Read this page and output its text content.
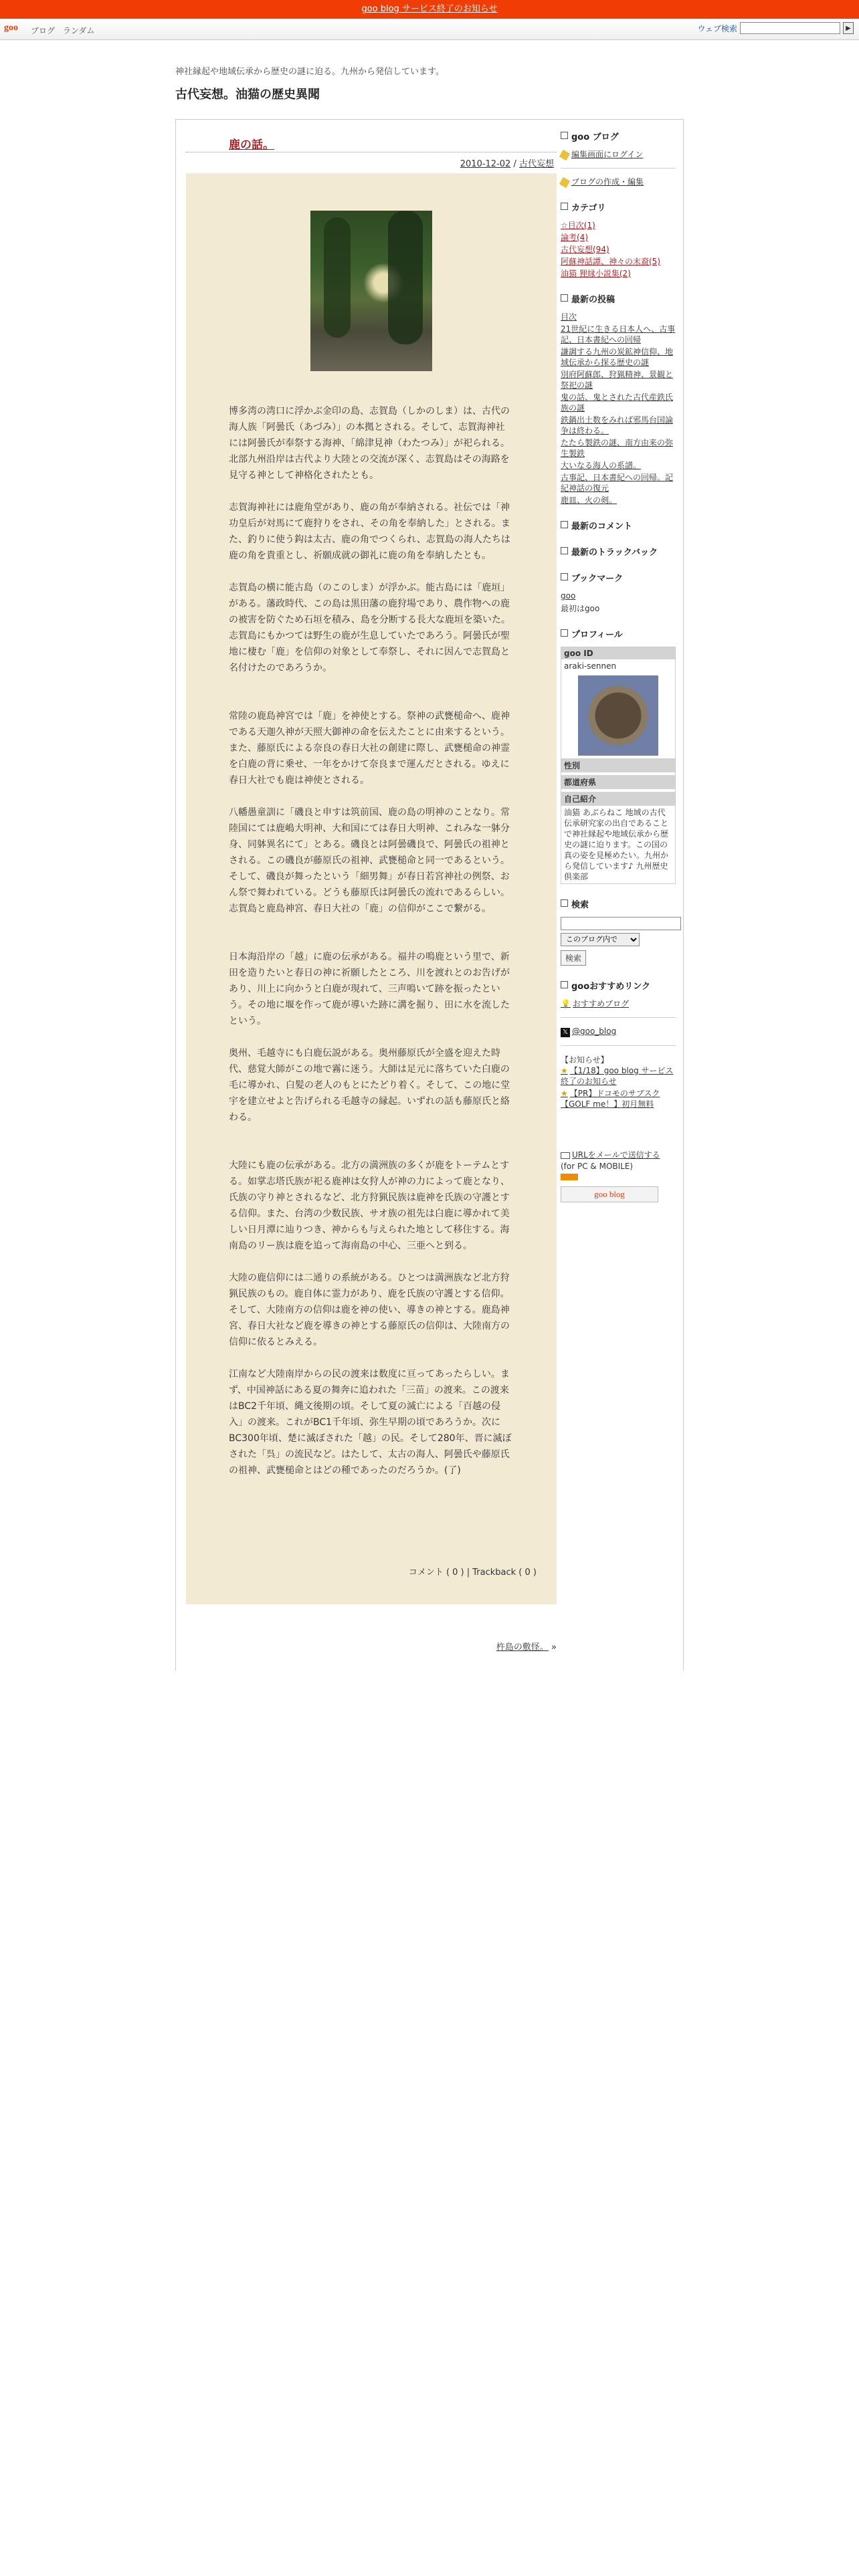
goo blog サービス終了のお知らせ
goo ブログ ランダム	ウェブ検索	▶
神社縁起や地域伝承から歴史の謎に迫る。九州から発信しています。
古代妄想。油猫の歴史異聞
鹿の話。
2010-12-02 / 古代妄想

博多湾の湾口に浮かぶ金印の島、志賀島（しかのしま）は、古代の海人族「阿曇氏（あづみ）」の本拠とされる。そして、志賀海神社には阿曇氏が奉祭する海神、「綿津見神（わたつみ）」が祀られる。北部九州沿岸は古代より大陸との交流が深く、志賀島はその海路を見守る神として神格化されたとも。

志賀海神社には鹿角堂があり、鹿の角が奉納される。社伝では「神功皇后が対馬にて鹿狩りをされ、その角を奉納した」とされる。また、釣りに使う鈎は太古、鹿の角でつくられ、志賀島の海人たちは鹿の角を貴重とし、祈願成就の御礼に鹿の角を奉納したとも。

志賀島の横に能古島（のこのしま）が浮かぶ。能古島には「鹿垣」がある。藩政時代、この島は黒田藩の鹿狩場であり、農作物への鹿の被害を防ぐため石垣を積み、島を分断する長大な鹿垣を築いた。志賀島にもかつては野生の鹿が生息していたであろう。阿曇氏が聖地に棲む「鹿」を信仰の対象として奉祭し、それに因んで志賀島と名付けたのであろうか。

常陸の鹿島神宮では「鹿」を神使とする。祭神の武甕槌命へ、鹿神である天迦久神が天照大御神の命を伝えたことに由来するという。また、藤原氏による奈良の春日大社の創建に際し、武甕槌命の神霊を白鹿の背に乗せ、一年をかけて奈良まで運んだとされる。ゆえに春日大社でも鹿は神使とされる。

八幡愚童訓に「磯良と申すは筑前国、鹿の島の明神のことなり。常陸国にては鹿嶋大明神、大和国にては春日大明神、これみな一躰分身、同躰異名にて」とある。磯良とは阿曇磯良で、阿曇氏の祖神とされる。この磯良が藤原氏の祖神、武甕槌命と同一であるという。そして、磯良が舞ったという「細男舞」が春日若宮神社の例祭、おん祭で舞われている。どうも藤原氏は阿曇氏の流れであるらしい。志賀島と鹿島神宮、春日大社の「鹿」の信仰がここで繋がる。

日本海沿岸の「越」に鹿の伝承がある。福井の鳴鹿という里で、新田を造りたいと春日の神に祈願したところ、川を渡れとのお告げがあり、川上に向かうと白鹿が現れて、三声鳴いて跡を振ったという。その地に堰を作って鹿が導いた跡に溝を掘り、田に水を流したという。

奥州、毛越寺にも白鹿伝説がある。奥州藤原氏が全盛を迎えた時代、慈覚大師がこの地で霧に迷う。大師は足元に落ちていた白鹿の毛に導かれ、白髪の老人のもとにたどり着く。そして、この地に堂宇を建立せよと告げられる毛越寺の縁起。いずれの話も藤原氏と絡わる。

大陸にも鹿の伝承がある。北方の満洲族の多くが鹿をトーテムとする。如掌志塔氏族が祀る鹿神は女狩人が神の力によって鹿となり、氏族の守り神とされるなど、北方狩猟民族は鹿神を氏族の守護とする信仰。また、台湾の少数民族、サオ族の祖先は白鹿に導かれて美しい日月潭に辿りつき、神からも与えられた地として移住する。海南島のリー族は鹿を追って海南島の中心、三亜へと到る。

大陸の鹿信仰には二通りの系統がある。ひとつは満洲族など北方狩猟民族のもの。鹿自体に霊力があり、鹿を氏族の守護とする信仰。そして、大陸南方の信仰は鹿を神の使い、導きの神とする。鹿島神宮、春日大社など鹿を導きの神とする藤原氏の信仰は、大陸南方の信仰に依るとみえる。

江南など大陸南岸からの民の渡来は数度に亘ってあったらしい。まず、中国神話にある夏の舞奔に追われた「三苗」の渡来。この渡来はBC2千年頃、縄文後期の頃。そして夏の滅亡による「百越の侵入」の渡来。これがBC1千年頃、弥生早期の頃であろうか。次にBC300年頃、楚に滅ぼされた「越」の民。そして280年、晋に滅ぼされた「呉」の流民など。はたして、太古の海人、阿曇氏や藤原氏の祖神、武甕槌命とはどの種であったのだろうか。(了)

コメント ( 0 ) | Trackback ( 0 )
杵島の敷怪。 »
goo ブログ
編集画面にログイン
ブログの作成・編集
カテゴリ
☆目次(1)
論考(4)
古代妄想(94)
阿蘇神話譚、神々の末裔(5)
油猫 狸縁小説集(2)
最新の投稿
目次
21世紀に生きる日本人へ、古事記、日本書紀への回帰
謙調する九州の炭鉱神信仰、地域伝承から探る歴史の謎
別府阿蘇郎、狩猟精神、景観と祭祀の謎
鬼の話、鬼とされた古代産鉄氏族の謎
鉄鍋出土数をみれば邪馬台国論争は終わる。
たたら製鉄の謎、南方由来の弥生製鉄
大いなる海人の系譜。
古事記、日本書紀への回帰。記紀神話の復元
鹿皿、火の剣。
最新のコメント
最新のトラックバック
ブックマーク
goo
最初はgoo
プロフィール
goo ID
araki-sennen
性別
都道府県
自己紹介
油猫 あぶらねこ 地域の古代伝承研究家の出自であることで神社縁起や地域伝承から歴史の謎に迫ります。この国の真の姿を見極めたい。九州から発信しています♪ 九州歴史倶楽部
検索
このブログ内で
検索
gooおすすめリンク
💡 おすすめブログ
𝕏 @goo_blog
【お知らせ】
★ 【1/18】goo blog サービス終了のお知らせ
★ 【PR】ドコモのサブスク【GOLF me！】初月無料
URLをメールで送信する
(for PC & MOBILE)
goo blog
